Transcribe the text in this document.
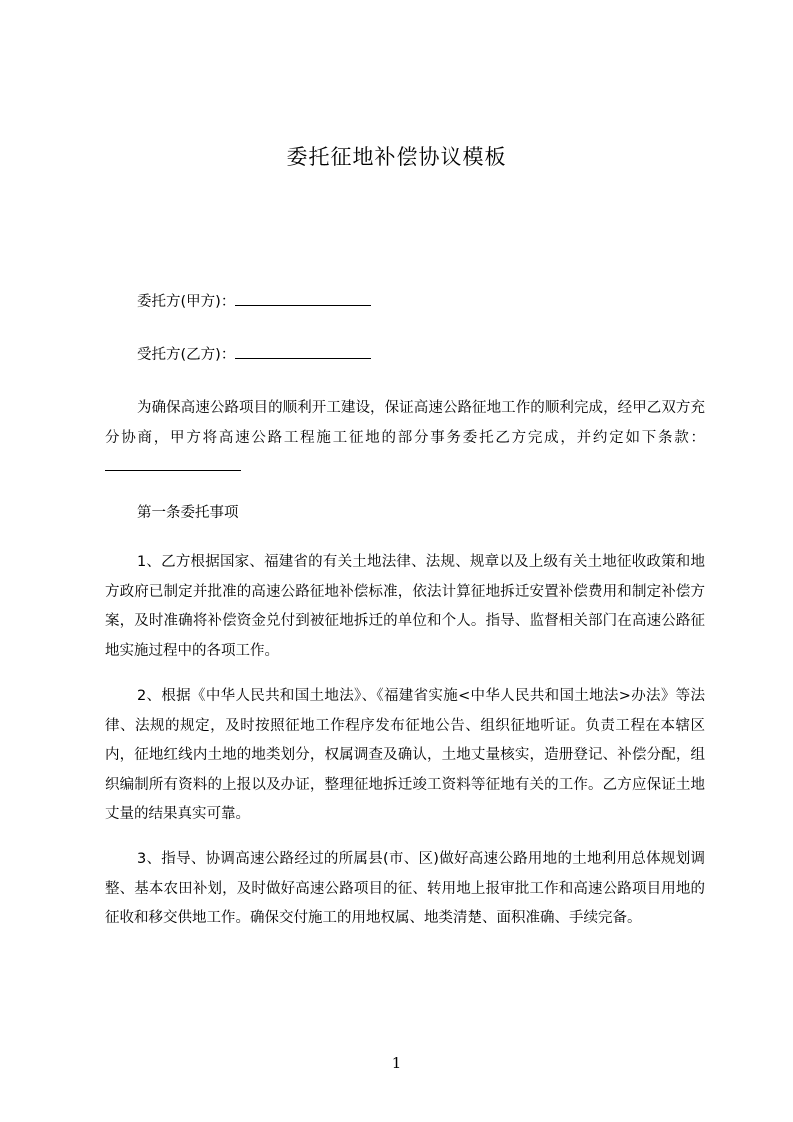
委托征地补偿协议模板
委托方(甲方)：
受托方(乙方)：

为确保高速公路项目的顺利开工建设，保证高速公路征地工作的顺利完成，经甲乙双方充分协商，甲方将高速公路工程施工征地的部分事务委托乙方完成，并约定如下条款：

第一条委托事项

1、乙方根据国家、福建省的有关土地法律、法规、规章以及上级有关土地征收政策和地方政府已制定并批准的高速公路征地补偿标准，依法计算征地拆迁安置补偿费用和制定补偿方案，及时准确将补偿资金兑付到被征地拆迁的单位和个人。指导、监督相关部门在高速公路征地实施过程中的各项工作。

2、根据《中华人民共和国土地法》、《福建省实施<中华人民共和国土地法>办法》等法律、法规的规定，及时按照征地工作程序发布征地公告、组织征地听证。负责工程在本辖区内，征地红线内土地的地类划分，权属调查及确认，土地丈量核实，造册登记、补偿分配，组织编制所有资料的上报以及办证，整理征地拆迁竣工资料等征地有关的工作。乙方应保证土地丈量的结果真实可靠。

3、指导、协调高速公路经过的所属县(市、区)做好高速公路用地的土地利用总体规划调整、基本农田补划，及时做好高速公路项目的征、转用地上报审批工作和高速公路项目用地的征收和移交供地工作。确保交付施工的用地权属、地类清楚、面积准确、手续完备。

1
